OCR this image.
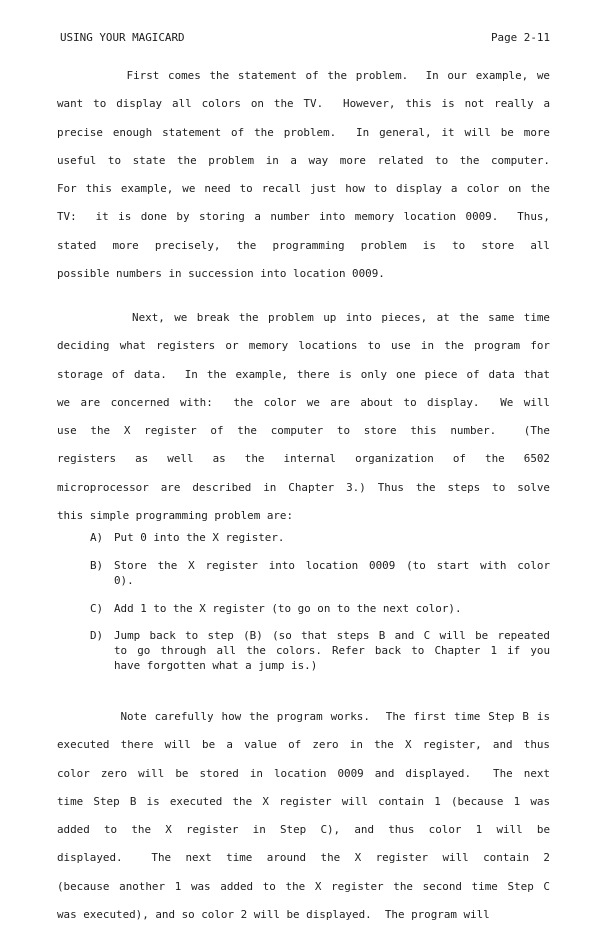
USING YOUR MAGICARD	Page 2-11
First comes the statement of the problem.  In our example, we
want to display all colors on the TV.  However, this is not really a
precise enough statement of the problem.  In general, it will be more
useful to state the problem in a way more related to the computer.
For this example, we need to recall just how to display a color on the
TV:  it is done by storing a number into memory location 0009.  Thus,
stated more precisely, the programming problem is to store all
possible numbers in succession into location 0009.
Next, we break the problem up into pieces, at the same time
deciding what registers or memory locations to use in the program for
storage of data.  In the example, there is only one piece of data that
we are concerned with:  the color we are about to display.  We will
use the X register of the computer to store this number.  (The
registers as well as the internal organization of the 6502
microprocessor are described in Chapter 3.) Thus the steps to solve
this simple programming problem are:
A) Put 0 into the X register.
B) Store the X register into location 0009 (to start with color
0).
C) Add 1 to the X register (to go on to the next color).
D) Jump back to step (B) (so that steps B and C will be repeated
to go through all the colors. Refer back to Chapter 1 if you
have forgotten what a jump is.)
Note carefully how the program works.  The first time Step B is
executed there will be a value of zero in the X register, and thus
color zero will be stored in location 0009 and displayed.  The next
time Step B is executed the X register will contain 1 (because 1 was
added to the X register in Step C), and thus color 1 will be
displayed.  The next time around the X register will contain 2
(because another 1 was added to the X register the second time Step C
was executed), and so color 2 will be displayed.  The program will
